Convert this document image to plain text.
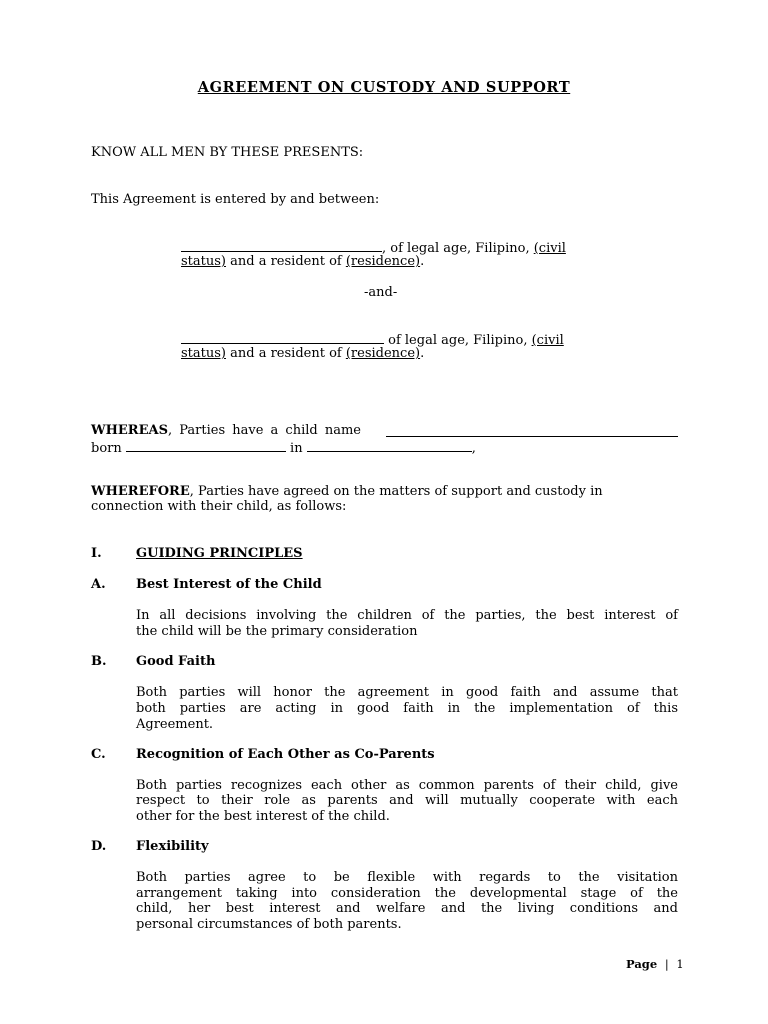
AGREEMENT ON CUSTODY AND SUPPORT
KNOW ALL MEN BY THESE PRESENTS:
This Agreement is entered by and between:
, of legal age, Filipino, (civil
status) and a resident of (residence).
-and-
of legal age, Filipino, (civil
status) and a resident of (residence).
WHEREAS, Parties have a child name
born	in	,
WHEREFORE, Parties have agreed on the matters of support and custody in
connection with their child, as follows:
I.	GUIDING PRINCIPLES
A. Best Interest of the Child
In all decisions involving the children of the parties, the best interest of
the child will be the primary consideration
B. Good Faith
Both parties will honor the agreement in good faith and assume that
both parties are acting in good faith in the implementation of this
Agreement.
C. Recognition of Each Other as Co-Parents
Both parties recognizes each other as common parents of their child, give
respect to their role as parents and will mutually cooperate with each
other for the best interest of the child.
D. Flexibility
Both parties agree to be flexible with regards to the visitation
arrangement taking into consideration the developmental stage of the
child, her best interest and welfare and the living conditions and
personal circumstances of both parents.
Page | 1
